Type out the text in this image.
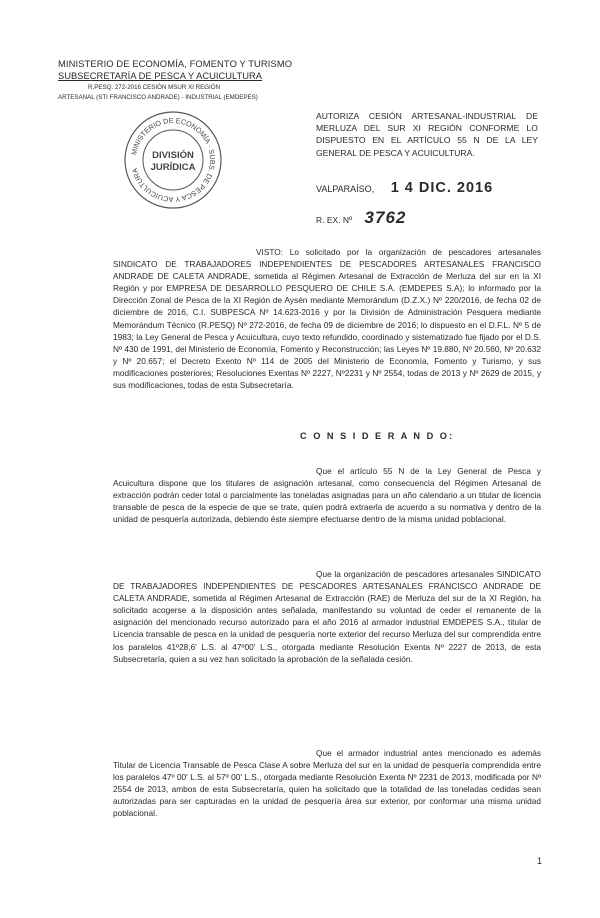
MINISTERIO DE ECONOMÍA, FOMENTO Y TURISMO
SUBSECRETARÍA DE PESCA Y ACUICULTURA
R.PESQ. 272-2016 CESIÓN MSUR XI REGIÓN
ARTESANAL (STI FRANCISCO ANDRADE) - INDUSTRIAL (EMDEPES)
MINISTERIO DE ECONOMÍA · SUBS. DE PESCA Y ACUICULTURA
DIVISIÓN
JURÍDICA
AUTORIZA CESIÓN ARTESANAL-INDUSTRIAL DE MERLUZA DEL SUR XI REGIÓN CONFORME LO DISPUESTO EN EL ARTÍCULO 55 N DE LA LEY GENERAL DE PESCA Y ACUICULTURA.
VALPARAÍSO, 1 4 DIC. 2016
R. EX. Nº 3762
VISTO: Lo solicitado por la organización de pescadores artesanales SINDICATO DE TRABAJADORES INDEPENDIENTES DE PESCADORES ARTESANALES FRANCISCO ANDRADE DE CALETA ANDRADE, sometida al Régimen Artesanal de Extracción de Merluza del sur en la XI Región y por EMPRESA DE DESARROLLO PESQUERO DE CHILE S.A. (EMDEPES S.A); lo informado por la Dirección Zonal de Pesca de la XI Región de Aysén mediante Memorándum (D.Z.X.) Nº 220/2016, de fecha 02 de diciembre de 2016, C.I. SUBPESCA Nº 14.623-2016 y por la División de Administración Pesquera mediante Memorándum Técnico (R.PESQ) Nº 272-2016, de fecha 09 de diciembre de 2016; lo dispuesto en el D.F.L. Nº 5 de 1983; la Ley General de Pesca y Acuicultura, cuyo texto refundido, coordinado y sistematizado fue fijado por el D.S. Nº 430 de 1991, del Ministerio de Economía, Fomento y Reconstrucción; las Leyes Nº 19.880, Nº 20.560, Nº 20.632 y Nº 20.657; el Decreto Exento Nº 114 de 2005 del Ministerio de Economía, Fomento y Turismo, y sus modificaciones posteriores; Resoluciones Exentas Nº 2227, Nº2231 y Nº 2554, todas de 2013 y Nº 2629 de 2015, y sus modificaciones, todas de esta Subsecretaría.
C O N S I D E R A N D O:
Que el artículo 55 N de la Ley General de Pesca y Acuicultura dispone que los titulares de asignación artesanal, como consecuencia del Régimen Artesanal de extracción podrán ceder total o parcialmente las toneladas asignadas para un año calendario a un titular de licencia transable de pesca de la especie de que se trate, quien podrá extraerla de acuerdo a su normativa y dentro de la unidad de pesquería autorizada, debiendo éste siempre efectuarse dentro de la misma unidad poblacional.
Que la organización de pescadores artesanales SINDICATO DE TRABAJADORES INDEPENDIENTES DE PESCADORES ARTESANALES FRANCISCO ANDRADE DE CALETA ANDRADE, sometida al Régimen Artesanal de Extracción (RAE) de Merluza del sur de la XI Región, ha solicitado acogerse a la disposición antes señalada, manifestando su voluntad de ceder el remanente de la asignación del mencionado recurso autorizado para el año 2016 al armador industrial EMDEPES S.A., titular de Licencia transable de pesca en la unidad de pesquería norte exterior del recurso Merluza del sur comprendida entre los paralelos 41º28,6' L.S. al 47º00' L.S., otorgada mediante Resolución Exenta Nº 2227 de 2013, de esta Subsecretaría, quien a su vez han solicitado la aprobación de la señalada cesión.
Que el armador industrial antes mencionado es además Titular de Licencia Transable de Pesca Clase A sobre Merluza del sur en la unidad de pesquería comprendida entre los paralelos 47º 00' L.S. al 57º 00' L.S., otorgada mediante Resolución Exenta Nº 2231 de 2013, modificada por Nº 2554 de 2013, ambos de esta Subsecretaría, quien ha solicitado que la totalidad de las toneladas cedidas sean autorizadas para ser capturadas en la unidad de pesquería área sur exterior, por conformar una misma unidad poblacional.
1
